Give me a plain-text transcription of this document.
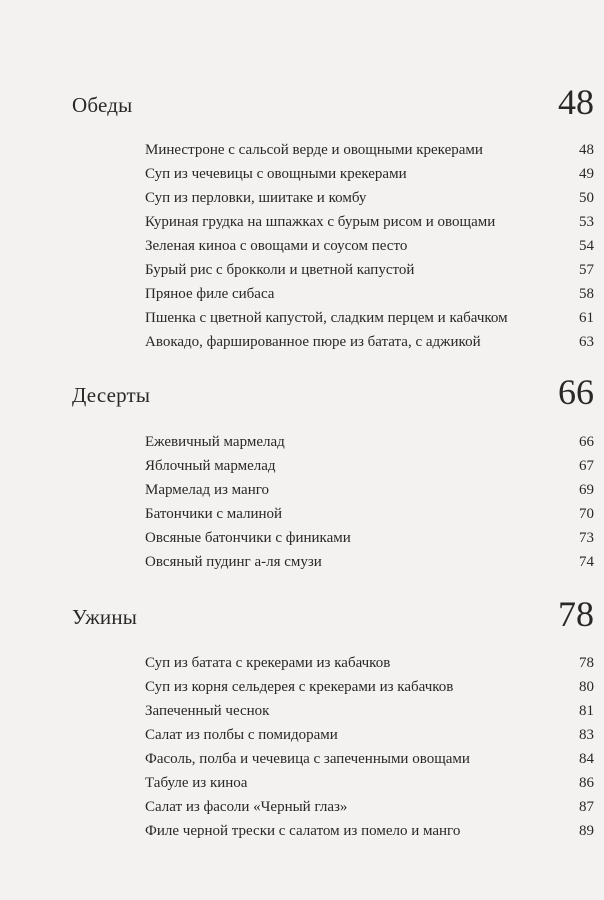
Обеды	48
Минестроне с сальсой верде и овощными крекерами	48
Суп из чечевицы с овощными крекерами	49
Суп из перловки, шиитаке и комбу	50
Куриная грудка на шпажках с бурым рисом и овощами	53
Зеленая киноа с овощами и соусом песто	54
Бурый рис с брокколи и цветной капустой	57
Пряное филе сибаса	58
Пшенка с цветной капустой, сладким перцем и кабачком	61
Авокадо, фаршированное пюре из батата, с аджикой	63
Десерты	66
Ежевичный мармелад	66
Яблочный мармелад	67
Мармелад из манго	69
Батончики с малиной	70
Овсяные батончики с финиками	73
Овсяный пудинг а-ля смузи	74
Ужины	78
Суп из батата с крекерами из кабачков	78
Суп из корня сельдерея с крекерами из кабачков	80
Запеченный чеснок	81
Салат из полбы с помидорами	83
Фасоль, полба и чечевица с запеченными овощами	84
Табуле из киноа	86
Салат из фасоли «Черный глаз»	87
Филе черной трески с салатом из помело и манго	89
